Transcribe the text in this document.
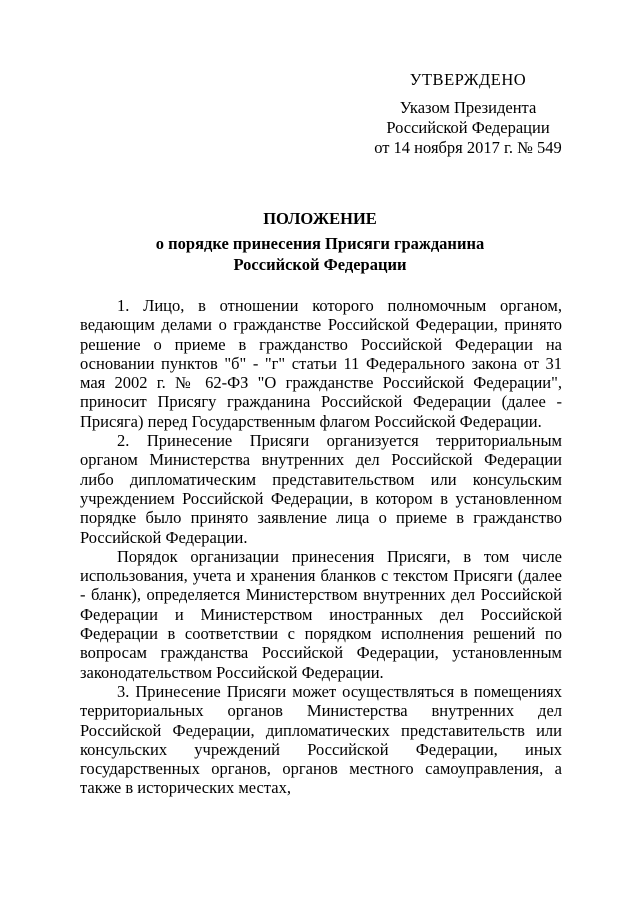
УТВЕРЖДЕНО
Указом Президента
Российской Федерации
от 14 ноября 2017 г. № 549
ПОЛОЖЕНИЕ
о порядке принесения Присяги гражданина
Российской Федерации

1. Лицо, в отношении которого полномочным органом, ведающим делами о гражданстве Российской Федерации, принято решение о приеме в гражданство Российской Федерации на основании пунктов "б" - "г" статьи 11 Федерального закона от 31 мая 2002 г. № 62-ФЗ "О гражданстве Российской Федерации", приносит Присягу гражданина Российской Федерации (далее - Присяга) перед Государственным флагом Российской Федерации.

2. Принесение Присяги организуется территориальным органом Министерства внутренних дел Российской Федерации либо дипломатическим представительством или консульским учреждением Российской Федерации, в котором в установленном порядке было принято заявление лица о приеме в гражданство Российской Федерации.

Порядок организации принесения Присяги, в том числе использования, учета и хранения бланков с текстом Присяги (далее - бланк), определяется Министерством внутренних дел Российской Федерации и Министерством иностранных дел Российской Федерации в соответствии с порядком исполнения решений по вопросам гражданства Российской Федерации, установленным законодательством Российской Федерации.

3. Принесение Присяги может осуществляться в помещениях территориальных органов Министерства внутренних дел Российской Федерации, дипломатических представительств или консульских учреждений Российской Федерации, иных государственных органов, органов местного самоуправления, а также в исторических местах,
